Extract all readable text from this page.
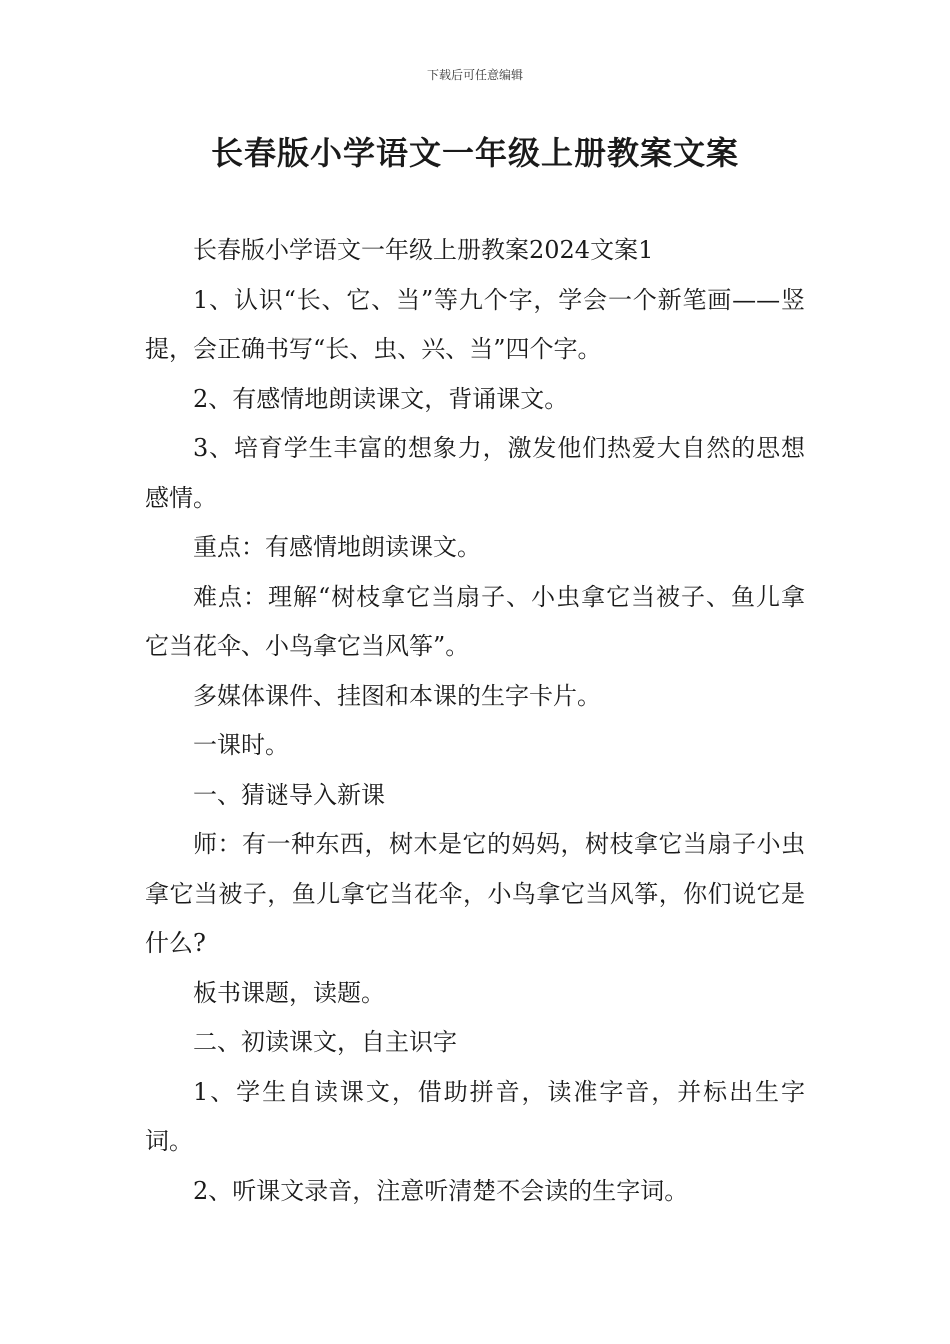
下载后可任意编辑
长春版小学语文一年级上册教案文案

长春版小学语文一年级上册教案2024文案1

1、认识“长、它、当”等九个字，学会一个新笔画——竖提，会正确书写“长、虫、兴、当”四个字。

2、有感情地朗读课文，背诵课文。

3、培育学生丰富的想象力，激发他们热爱大自然的思想感情。

重点：有感情地朗读课文。

难点：理解“树枝拿它当扇子、小虫拿它当被子、鱼儿拿它当花伞、小鸟拿它当风筝”。

多媒体课件、挂图和本课的生字卡片。

一课时。

一、猜谜导入新课

师：有一种东西，树木是它的妈妈，树枝拿它当扇子小虫拿它当被子，鱼儿拿它当花伞，小鸟拿它当风筝，你们说它是什么?

板书课题，读题。

二、初读课文，自主识字

1、学生自读课文，借助拼音，读准字音，并标出生字词。

2、听课文录音，注意听清楚不会读的生字词。
